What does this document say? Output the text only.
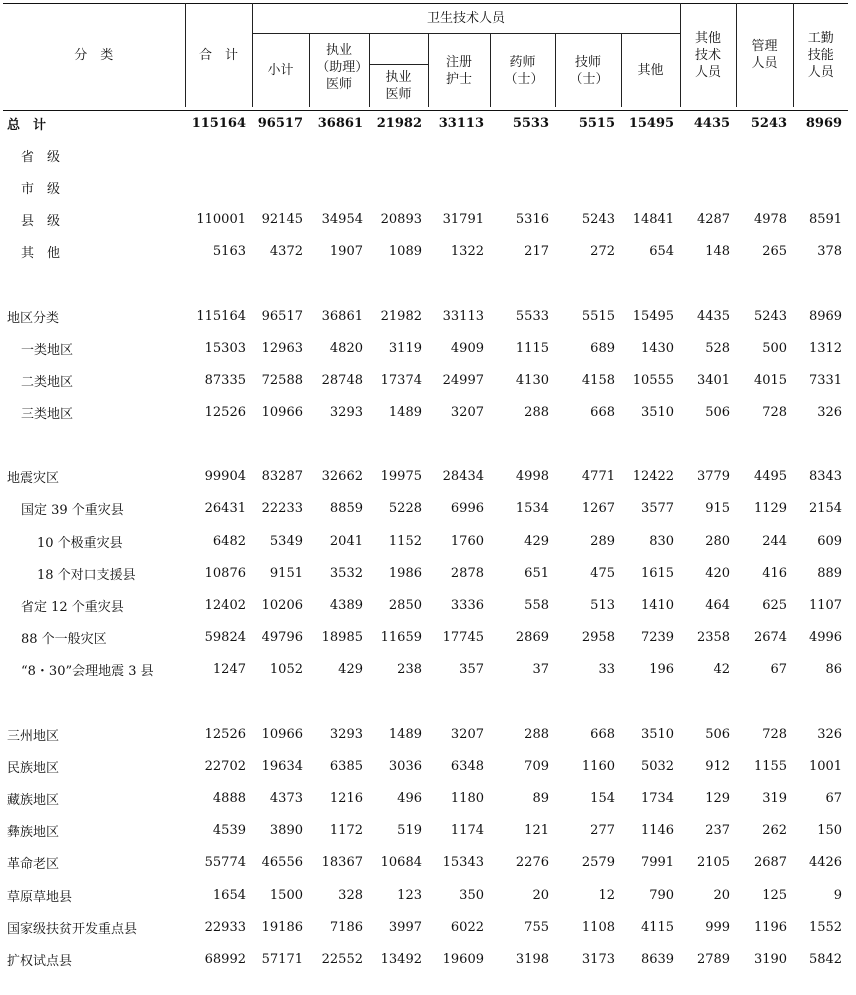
分　类	合　计	卫生技术人员							其他技术人员	管理人员	工勤技能人员
		小计	执业（助理）医师		注册护士	药师（士）	技师（士）	其他			
				执业医师							
总　计	115164	96517	36861	21982	33113	5533	5515	15495	4435	5243	8969
省　级											
市　级											
县　级	110001	92145	34954	20893	31791	5316	5243	14841	4287	4978	8591
其　他	5163	4372	1907	1089	1322	217	272	654	148	265	378

地区分类	115164	96517	36861	21982	33113	5533	5515	15495	4435	5243	8969
一类地区	15303	12963	4820	3119	4909	1115	689	1430	528	500	1312
二类地区	87335	72588	28748	17374	24997	4130	4158	10555	3401	4015	7331
三类地区	12526	10966	3293	1489	3207	288	668	3510	506	728	326

地震灾区	99904	83287	32662	19975	28434	4998	4771	12422	3779	4495	8343
国定 39 个重灾县	26431	22233	8859	5228	6996	1534	1267	3577	915	1129	2154
10 个极重灾县	6482	5349	2041	1152	1760	429	289	830	280	244	609
18 个对口支援县	10876	9151	3532	1986	2878	651	475	1615	420	416	889
省定 12 个重灾县	12402	10206	4389	2850	3336	558	513	1410	464	625	1107
88 个一般灾区	59824	49796	18985	11659	17745	2869	2958	7239	2358	2674	4996
“8・30”会理地震 3 县	1247	1052	429	238	357	37	33	196	42	67	86

三州地区	12526	10966	3293	1489	3207	288	668	3510	506	728	326
民族地区	22702	19634	6385	3036	6348	709	1160	5032	912	1155	1001
藏族地区	4888	4373	1216	496	1180	89	154	1734	129	319	67
彝族地区	4539	3890	1172	519	1174	121	277	1146	237	262	150
革命老区	55774	46556	18367	10684	15343	2276	2579	7991	2105	2687	4426
草原草地县	1654	1500	328	123	350	20	12	790	20	125	9
国家级扶贫开发重点县	22933	19186	7186	3997	6022	755	1108	4115	999	1196	1552
扩权试点县	68992	57171	22552	13492	19609	3198	3173	8639	2789	3190	5842
